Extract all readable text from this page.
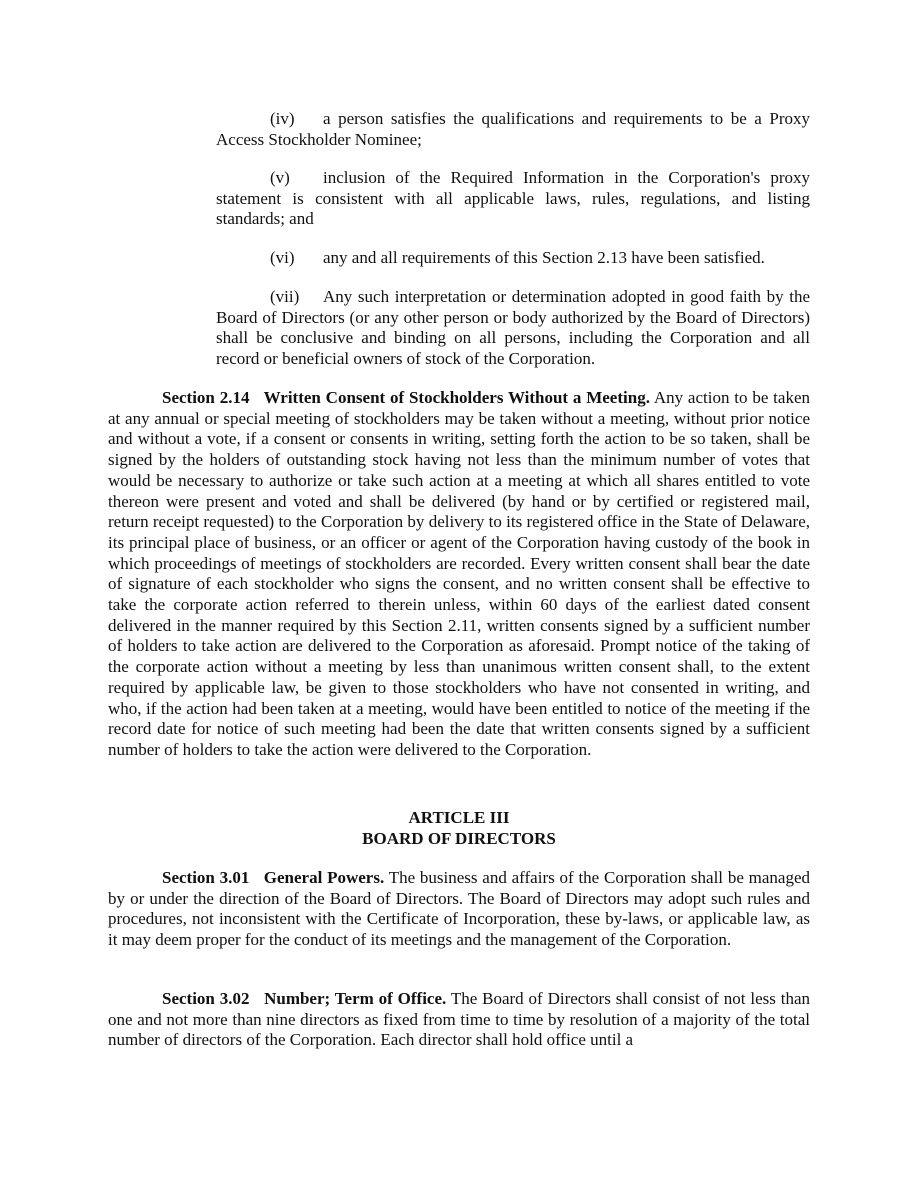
(iv) a person satisfies the qualifications and requirements to be a Proxy Access Stockholder Nominee;
(v) inclusion of the Required Information in the Corporation's proxy statement is consistent with all applicable laws, rules, regulations, and listing standards; and
(vi) any and all requirements of this Section 2.13 have been satisfied.
(vii) Any such interpretation or determination adopted in good faith by the Board of Directors (or any other person or body authorized by the Board of Directors) shall be conclusive and binding on all persons, including the Corporation and all record or beneficial owners of stock of the Corporation.
Section 2.14   Written Consent of Stockholders Without a Meeting. Any action to be taken at any annual or special meeting of stockholders may be taken without a meeting, without prior notice and without a vote, if a consent or consents in writing, setting forth the action to be so taken, shall be signed by the holders of outstanding stock having not less than the minimum number of votes that would be necessary to authorize or take such action at a meeting at which all shares entitled to vote thereon were present and voted and shall be delivered (by hand or by certified or registered mail, return receipt requested) to the Corporation by delivery to its registered office in the State of Delaware, its principal place of business, or an officer or agent of the Corporation having custody of the book in which proceedings of meetings of stockholders are recorded. Every written consent shall bear the date of signature of each stockholder who signs the consent, and no written consent shall be effective to take the corporate action referred to therein unless, within 60 days of the earliest dated consent delivered in the manner required by this Section 2.11, written consents signed by a sufficient number of holders to take action are delivered to the Corporation as aforesaid. Prompt notice of the taking of the corporate action without a meeting by less than unanimous written consent shall, to the extent required by applicable law, be given to those stockholders who have not consented in writing, and who, if the action had been taken at a meeting, would have been entitled to notice of the meeting if the record date for notice of such meeting had been the date that written consents signed by a sufficient number of holders to take the action were delivered to the Corporation.
ARTICLE III
BOARD OF DIRECTORS
Section 3.01   General Powers. The business and affairs of the Corporation shall be managed by or under the direction of the Board of Directors. The Board of Directors may adopt such rules and procedures, not inconsistent with the Certificate of Incorporation, these by-laws, or applicable law, as it may deem proper for the conduct of its meetings and the management of the Corporation.
Section 3.02   Number; Term of Office. The Board of Directors shall consist of not less than one and not more than nine directors as fixed from time to time by resolution of a majority of the total number of directors of the Corporation. Each director shall hold office until a
